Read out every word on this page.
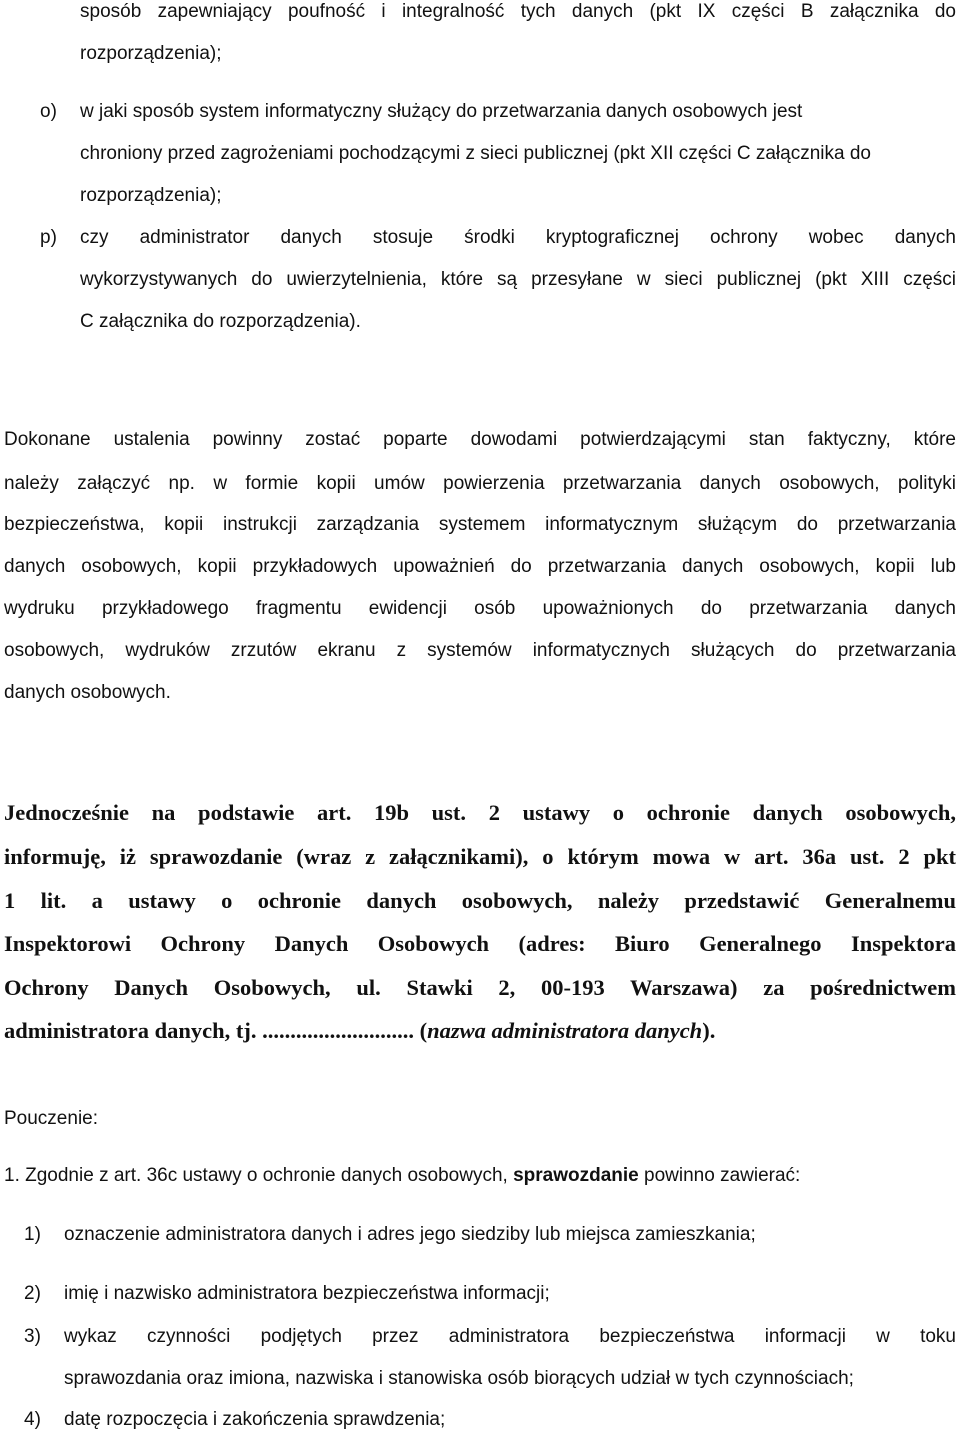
sposób zapewniający poufność i integralność tych danych (pkt IX części B załącznika do
rozporządzenia);
o) w jaki sposób system informatyczny służący do przetwarzania danych osobowych jest
chroniony przed zagrożeniami pochodzącymi z sieci publicznej (pkt XII części C załącznika do
rozporządzenia);
p) czy administrator danych stosuje środki kryptograficznej ochrony wobec danych
wykorzystywanych do uwierzytelnienia, które są przesyłane w sieci publicznej (pkt XIII części
C załącznika do rozporządzenia).
Dokonane ustalenia powinny zostać poparte dowodami potwierdzającymi stan faktyczny, które
należy załączyć np. w formie kopii umów powierzenia przetwarzania danych osobowych, polityki
bezpieczeństwa, kopii instrukcji zarządzania systemem informatycznym służącym do przetwarzania
danych osobowych, kopii przykładowych upoważnień do przetwarzania danych osobowych, kopii lub
wydruku przykładowego fragmentu ewidencji osób upoważnionych do przetwarzania danych
osobowych, wydruków zrzutów ekranu z systemów informatycznych służących do przetwarzania
danych osobowych.
Jednocześnie na podstawie art. 19b ust. 2 ustawy o ochronie danych osobowych,
informuję, iż sprawozdanie (wraz z załącznikami), o którym mowa w art. 36a ust. 2 pkt
1 lit. a ustawy o ochronie danych osobowych, należy przedstawić Generalnemu
Inspektorowi Ochrony Danych Osobowych (adres: Biuro Generalnego Inspektora
Ochrony Danych Osobowych, ul. Stawki 2, 00-193 Warszawa) za pośrednictwem
administratora danych, tj. ........................... (nazwa administratora danych).
Pouczenie:
1. Zgodnie z art. 36c ustawy o ochronie danych osobowych, sprawozdanie powinno zawierać:
1) oznaczenie administratora danych i adres jego siedziby lub miejsca zamieszkania;
2) imię i nazwisko administratora bezpieczeństwa informacji;
3) wykaz czynności podjętych przez administratora bezpieczeństwa informacji w toku
sprawozdania oraz imiona, nazwiska i stanowiska osób biorących udział w tych czynnościach;
4) datę rozpoczęcia i zakończenia sprawdzenia;
